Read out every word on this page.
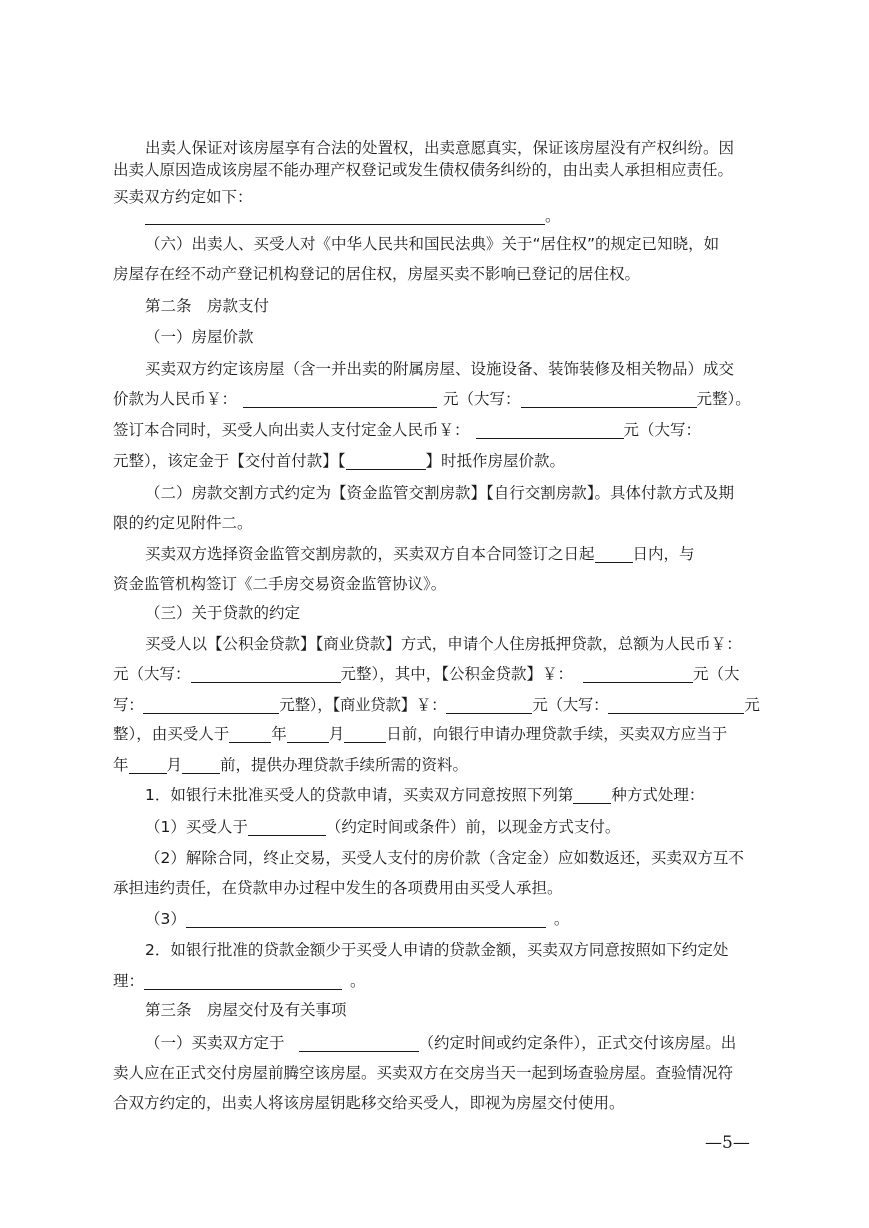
出卖人保证对该房屋享有合法的处置权，出卖意愿真实，保证该房屋没有产权纠纷。因
出卖人原因造成该房屋不能办理产权登记或发生债权债务纠纷的，由出卖人承担相应责任。
买卖双方约定如下：
。
（六）出卖人、买受人对《中华人民共和国民法典》关于“居住权”的规定已知晓，如
房屋存在经不动产登记机构登记的居住权，房屋买卖不影响已登记的居住权。
第二条　房款支付
（一）房屋价款
买卖双方约定该房屋（含一并出卖的附属房屋、设施设备、装饰装修及相关物品）成交
价款为人民币￥：	元（大写：	元整）。
签订本合同时，买受人向出卖人支付定金人民币￥：	元（大写：
元整），该定金于【交付首付款】【	】时抵作房屋价款。
（二）房款交割方式约定为【资金监管交割房款】【自行交割房款】。具体付款方式及期
限的约定见附件二。
买卖双方选择资金监管交割房款的，买卖双方自本合同签订之日起 日内，与
资金监管机构签订《二手房交易资金监管协议》。
（三）关于贷款的约定
买受人以【公积金贷款】【商业贷款】方式，申请个人住房抵押贷款，总额为人民币￥：
元（大写：	元整），其中，【公积金贷款】￥：	元（大
写：	元整），【商业贷款】￥：	元（大写：	元
整），由买受人于	年	月	日前，向银行申请办理贷款手续，买卖双方应当于
年 月 前，提供办理贷款手续所需的资料。
1．如银行未批准买受人的贷款申请，买卖双方同意按照下列第 种方式处理：
（1）买受人于	（约定时间或条件）前，以现金方式支付。
（2）解除合同，终止交易，买受人支付的房价款（含定金）应如数返还，买卖双方互不
承担违约责任，在贷款申办过程中发生的各项费用由买受人承担。
（3）	。
2．如银行批准的贷款金额少于买受人申请的贷款金额，买卖双方同意按照如下约定处
理：	。
第三条　房屋交付及有关事项
（一）买卖双方定于	（约定时间或约定条件），正式交付该房屋。出
卖人应在正式交付房屋前腾空该房屋。买卖双方在交房当天一起到场查验房屋。查验情况符
合双方约定的，出卖人将该房屋钥匙移交给买受人，即视为房屋交付使用。
—5—
